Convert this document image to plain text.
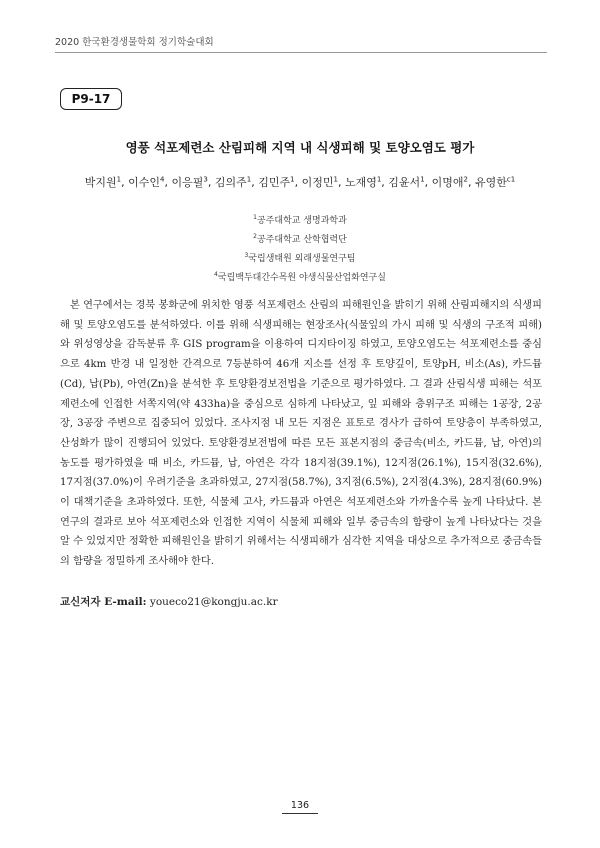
2020 한국환경생물학회 정기학술대회
P9-17
영풍 석포제련소 산림피해 지역 내 식생피해 및 토양오염도 평가
박지원$^1$, 이수인$^4$, 이응필$^3$, 김의주$^1$, 김민주$^1$, 이정민$^1$, 노재영$^1$, 김윤서$^1$, 이명애$^2$, 유영한$^{c1}$
$^1$공주대학교 생명과학과
$^2$공주대학교 산학협력단
$^3$국립생태원 외래생물연구팀
$^4$국립백두대간수목원 야생식물산업화연구실

본 연구에서는 경북 봉화군에 위치한 영풍 석포제련소 산림의 피해원인을 밝히기 위해 산림피해지의 식생피해 및 토양오염도를 분석하였다. 이를 위해 식생피해는 현장조사(식물잎의 가시 피해 및 식생의 구조적 피해)와 위성영상을 감독분류 후 GIS program을 이용하여 디지타이징 하였고, 토양오염도는 석포제련소를 중심으로 4km 반경 내 일정한 간격으로 7등분하여 46개 지소를 선정 후 토양깊이, 토양pH, 비소(As), 카드뮴(Cd), 납(Pb), 아연(Zn)을 분석한 후 토양환경보전법을 기준으로 평가하였다. 그 결과 산림식생 피해는 석포제련소에 인접한 서쪽지역(약 433ha)을 중심으로 심하게 나타났고, 잎 피해와 층위구조 피해는 1공장, 2공장, 3공장 주변으로 집중되어 있었다. 조사지점 내 모든 지점은 표토로 경사가 급하여 토양층이 부족하였고, 산성화가 많이 진행되어 있었다. 토양환경보전법에 따른 모든 표본지점의 중금속(비소, 카드뮴, 납, 아연)의 농도를 평가하였을 때 비소, 카드뮴, 납, 아연은 각각 18지점(39.1%), 12지점(26.1%), 15지점(32.6%), 17지점(37.0%)이 우려기준을 초과하였고, 27지점(58.7%), 3지점(6.5%), 2지점(4.3%), 28지점(60.9%)이 대책기준을 초과하였다. 또한, 식물체 고사, 카드뮴과 아연은 석포제련소와 가까울수록 높게 나타났다. 본 연구의 결과로 보아 석포제련소와 인접한 지역이 식물체 피해와 일부 중금속의 함량이 높게 나타났다는 것을 알 수 있었지만 정확한 피해원인을 밝히기 위해서는 식생피해가 심각한 지역을 대상으로 추가적으로 중금속들의 함량을 정밀하게 조사해야 한다.

교신저자 E-mail: youeco21@kongju.ac.kr
136
